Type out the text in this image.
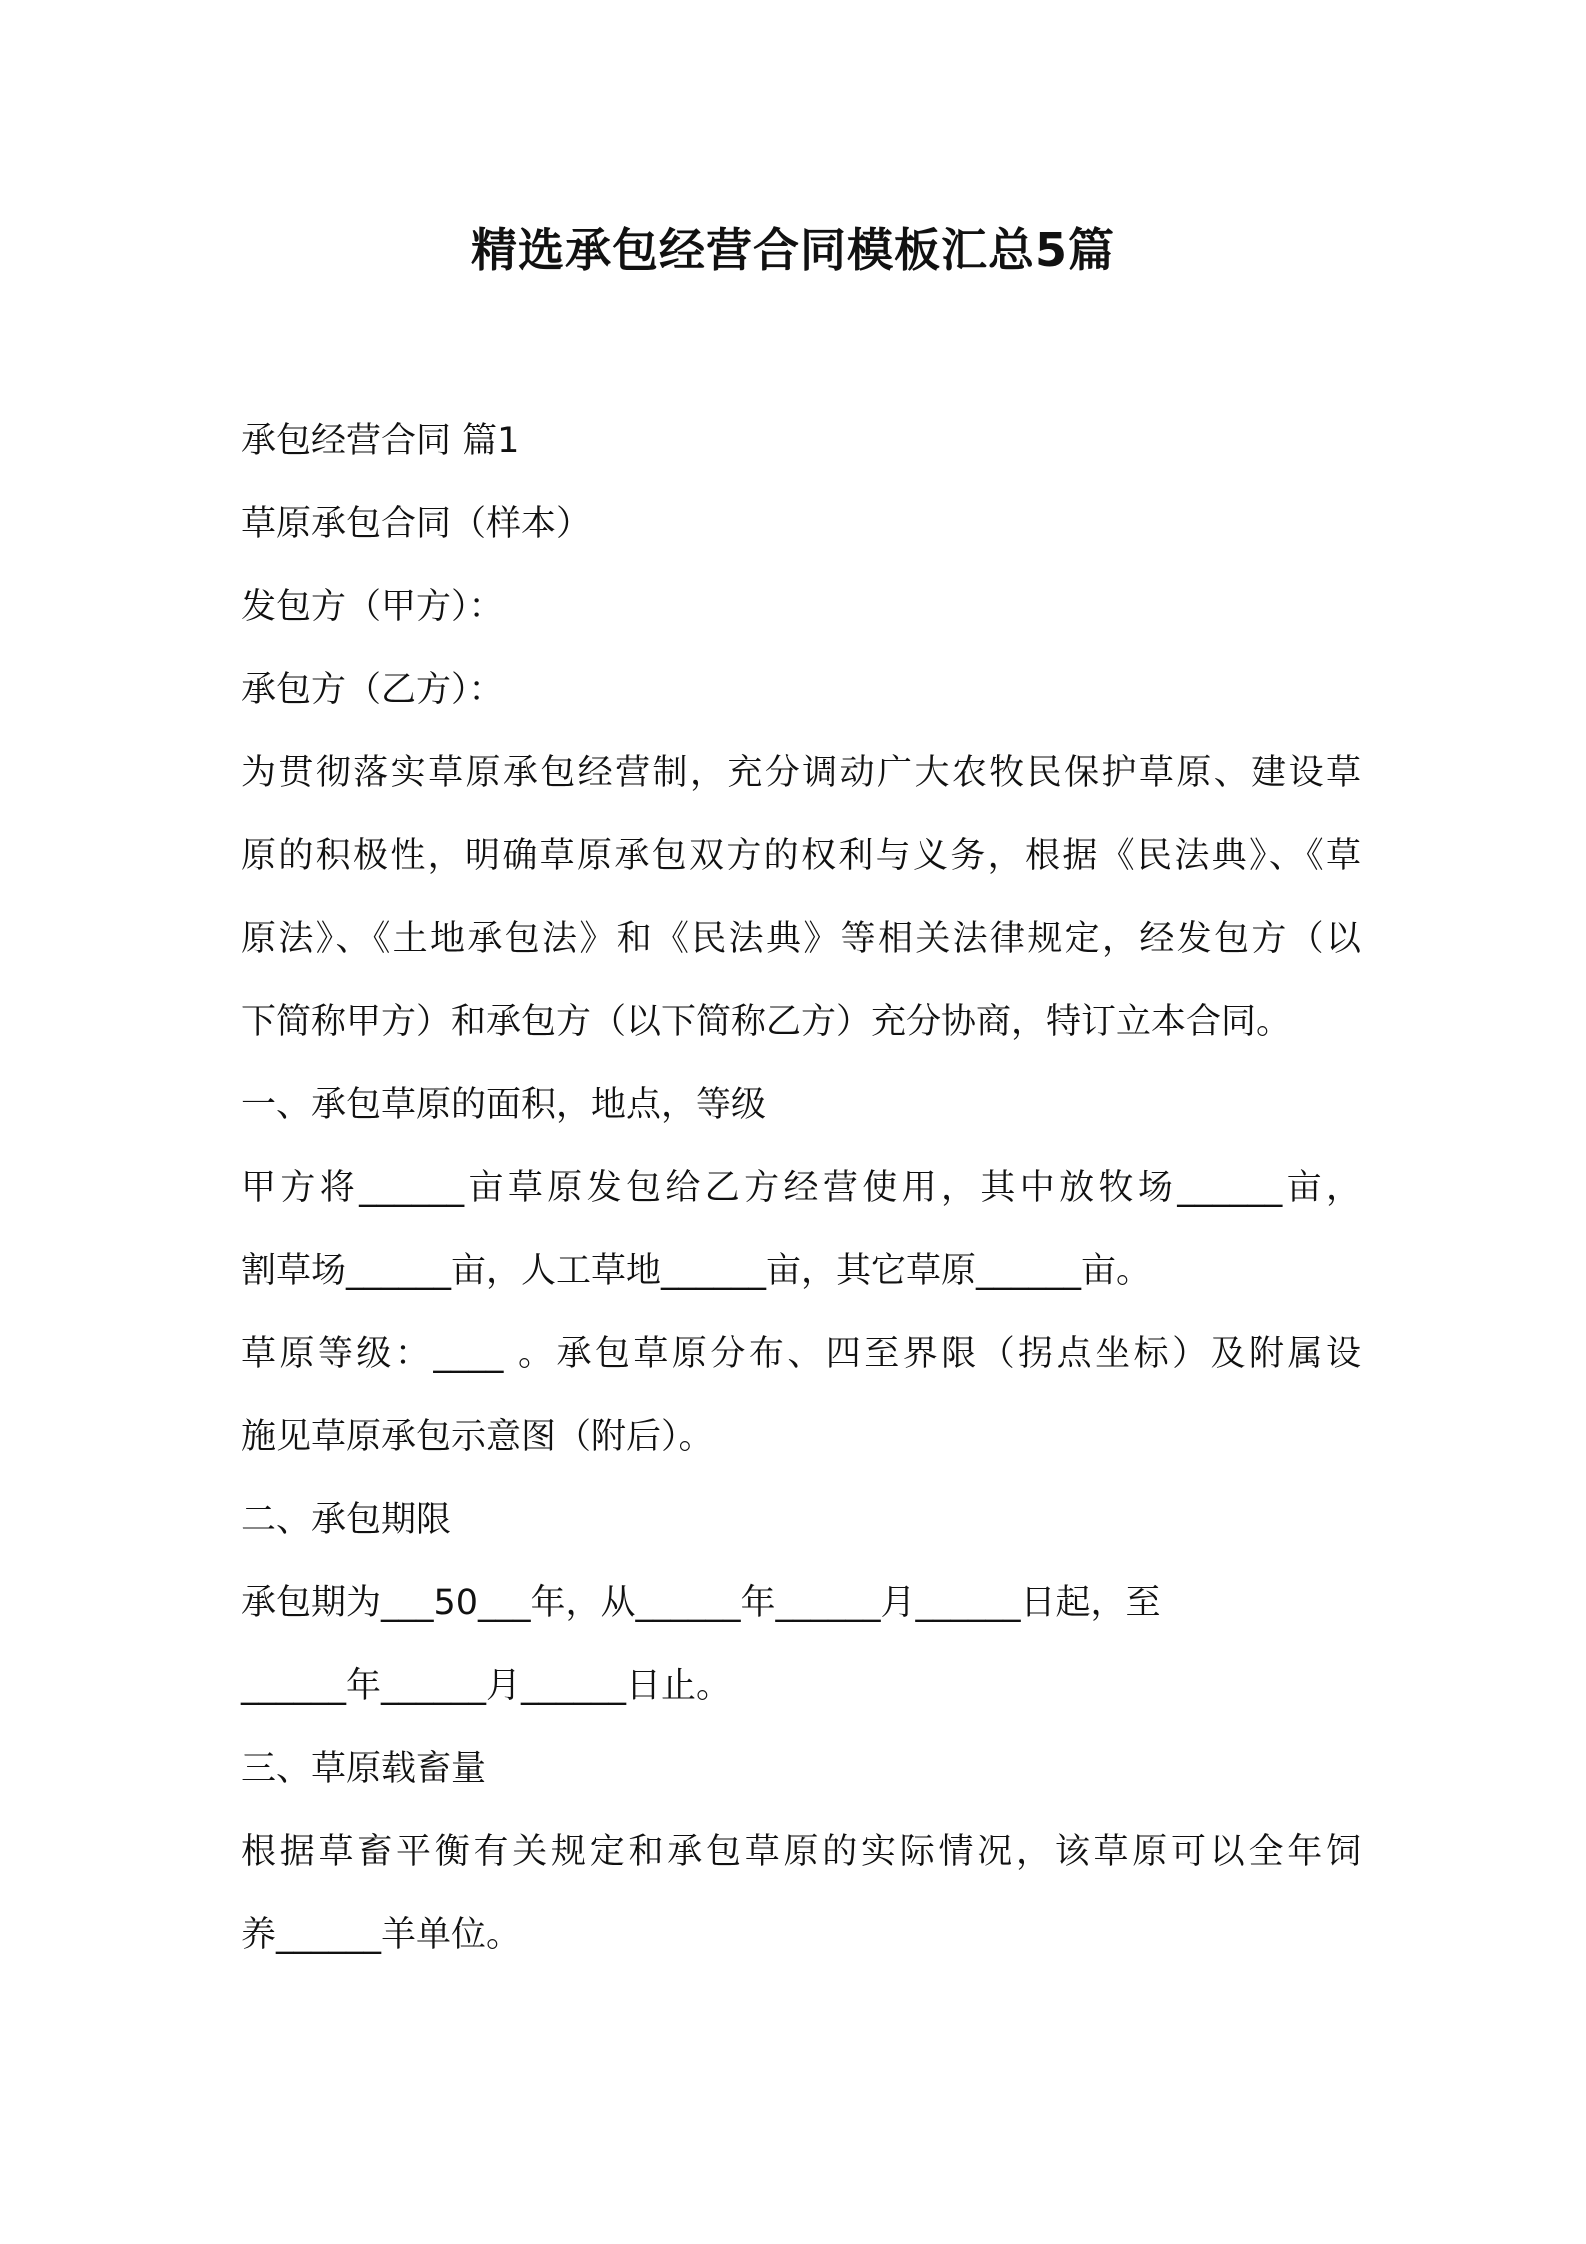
精选承包经营合同模板汇总5篇

承包经营合同 篇1

草原承包合同（样本）

发包方（甲方）：

承包方（乙方）：

为贯彻落实草原承包经营制，充分调动广大农牧民保护草原、建设草

原的积极性，明确草原承包双方的权利与义务，根据《民法典》、《草

原法》、《土地承包法》和《民法典》等相关法律规定，经发包方（以

下简称甲方）和承包方（以下简称乙方）充分协商，特订立本合同。

一、承包草原的面积，地点，等级

甲方将______亩草原发包给乙方经营使用，其中放牧场______亩，

割草场______亩，人工草地______亩，其它草原______亩。

草原等级：____ 。承包草原分布、四至界限（拐点坐标）及附属设

施见草原承包示意图（附后）。

二、承包期限

承包期为___50___年，从______年______月______日起，至

______年______月______日止。

三、草原载畜量

根据草畜平衡有关规定和承包草原的实际情况，该草原可以全年饲

养______羊单位。
